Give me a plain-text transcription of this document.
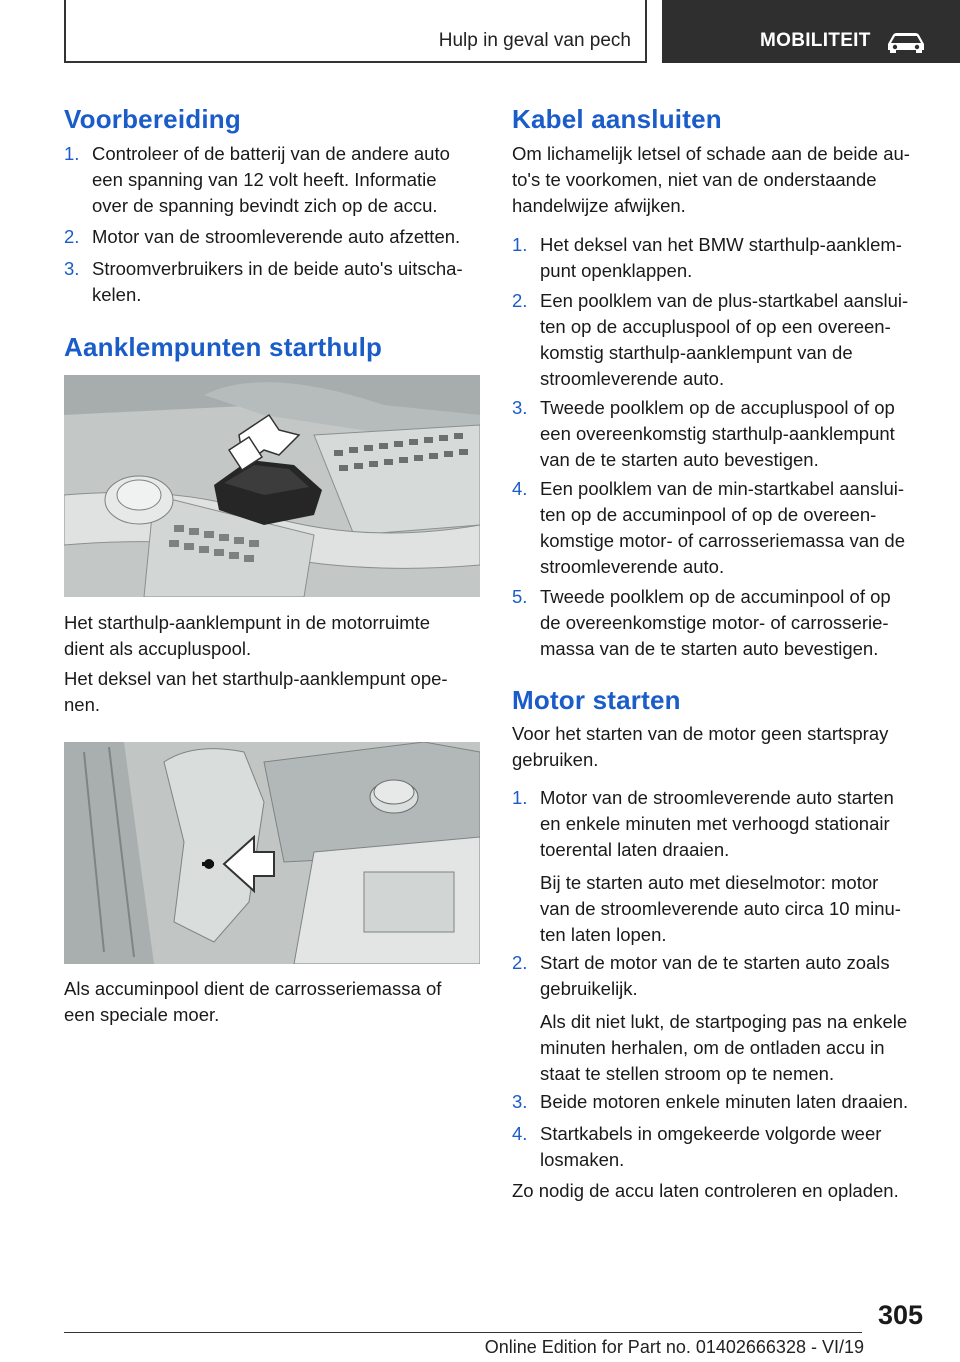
Hulp in geval van pech	MOBILITEIT
Voorbereiding
1. Controleer of de batterij van de andere auto
een spanning van 12 volt heeft. Informatie
over de spanning bevindt zich op de accu.
2. Motor van de stroomleverende auto afzetten.
3. Stroomverbruikers in de beide auto's uitscha‐
kelen.
Aanklempunten starthulp
Het starthulp-aanklempunt in de motorruimte
dient als accupluspool.
Het deksel van het starthulp-aanklempunt ope‐
nen.
Als accuminpool dient de carrosseriemassa of
een speciale moer.
Kabel aansluiten
Om lichamelijk letsel of schade aan de beide au‐
to's te voorkomen, niet van de onderstaande
handelwijze afwijken.
1. Het deksel van het BMW starthulp-aanklem‐
punt openklappen.
2. Een poolklem van de plus-startkabel aanslui‐
ten op de accupluspool of op een overeen‐
komstig starthulp-aanklempunt van de
stroomleverende auto.
3. Tweede poolklem op de accupluspool of op
een overeenkomstig starthulp-aanklempunt
van de te starten auto bevestigen.
4. Een poolklem van de min-startkabel aanslui‐
ten op de accuminpool of op de overeen‐
komstige motor- of carrosseriemassa van de
stroomleverende auto.
5. Tweede poolklem op de accuminpool of op
de overeenkomstige motor- of carrosserie‐
massa van de te starten auto bevestigen.
Motor starten
Voor het starten van de motor geen startspray
gebruiken.
1. Motor van de stroomleverende auto starten
en enkele minuten met verhoogd stationair
toerental laten draaien.
Bij te starten auto met dieselmotor: motor
van de stroomleverende auto circa 10 minu‐
ten laten lopen.
2. Start de motor van de te starten auto zoals
gebruikelijk.
Als dit niet lukt, de startpoging pas na enkele
minuten herhalen, om de ontladen accu in
staat te stellen stroom op te nemen.
3. Beide motoren enkele minuten laten draaien.
4. Startkabels in omgekeerde volgorde weer
losmaken.
Zo nodig de accu laten controleren en opladen.
305
Online Edition for Part no. 01402666328 - VI/19
